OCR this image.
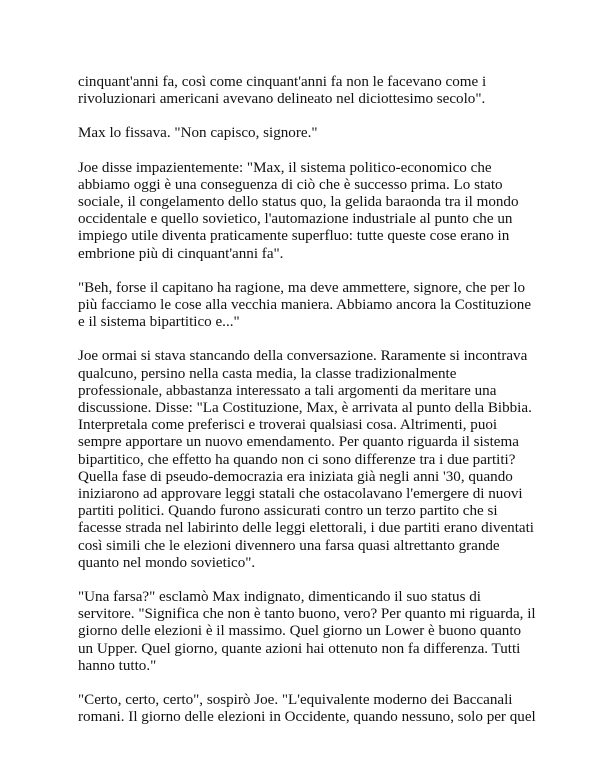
cinquant'anni fa, così come cinquant'anni fa non le facevano come i
rivoluzionari americani avevano delineato nel diciottesimo secolo".

Max lo fissava. "Non capisco, signore."

Joe disse impazientemente: "Max, il sistema politico-economico che
abbiamo oggi è una conseguenza di ciò che è successo prima. Lo stato
sociale, il congelamento dello status quo, la gelida baraonda tra il mondo
occidentale e quello sovietico, l'automazione industriale al punto che un
impiego utile diventa praticamente superfluo: tutte queste cose erano in
embrione più di cinquant'anni fa".

"Beh, forse il capitano ha ragione, ma deve ammettere, signore, che per lo
più facciamo le cose alla vecchia maniera. Abbiamo ancora la Costituzione
e il sistema bipartitico e..."

Joe ormai si stava stancando della conversazione. Raramente si incontrava
qualcuno, persino nella casta media, la classe tradizionalmente
professionale, abbastanza interessato a tali argomenti da meritare una
discussione. Disse: "La Costituzione, Max, è arrivata al punto della Bibbia.
Interpretala come preferisci e troverai qualsiasi cosa. Altrimenti, puoi
sempre apportare un nuovo emendamento. Per quanto riguarda il sistema
bipartitico, che effetto ha quando non ci sono differenze tra i due partiti?
Quella fase di pseudo-democrazia era iniziata già negli anni '30, quando
iniziarono ad approvare leggi statali che ostacolavano l'emergere di nuovi
partiti politici. Quando furono assicurati contro un terzo partito che si
facesse strada nel labirinto delle leggi elettorali, i due partiti erano diventati
così simili che le elezioni divennero una farsa quasi altrettanto grande
quanto nel mondo sovietico".

"Una farsa?" esclamò Max indignato, dimenticando il suo status di
servitore. "Significa che non è tanto buono, vero? Per quanto mi riguarda, il
giorno delle elezioni è il massimo. Quel giorno un Lower è buono quanto
un Upper. Quel giorno, quante azioni hai ottenuto non fa differenza. Tutti
hanno tutto."

"Certo, certo, certo", sospirò Joe. "L'equivalente moderno dei Baccanali
romani. Il giorno delle elezioni in Occidente, quando nessuno, solo per quel
